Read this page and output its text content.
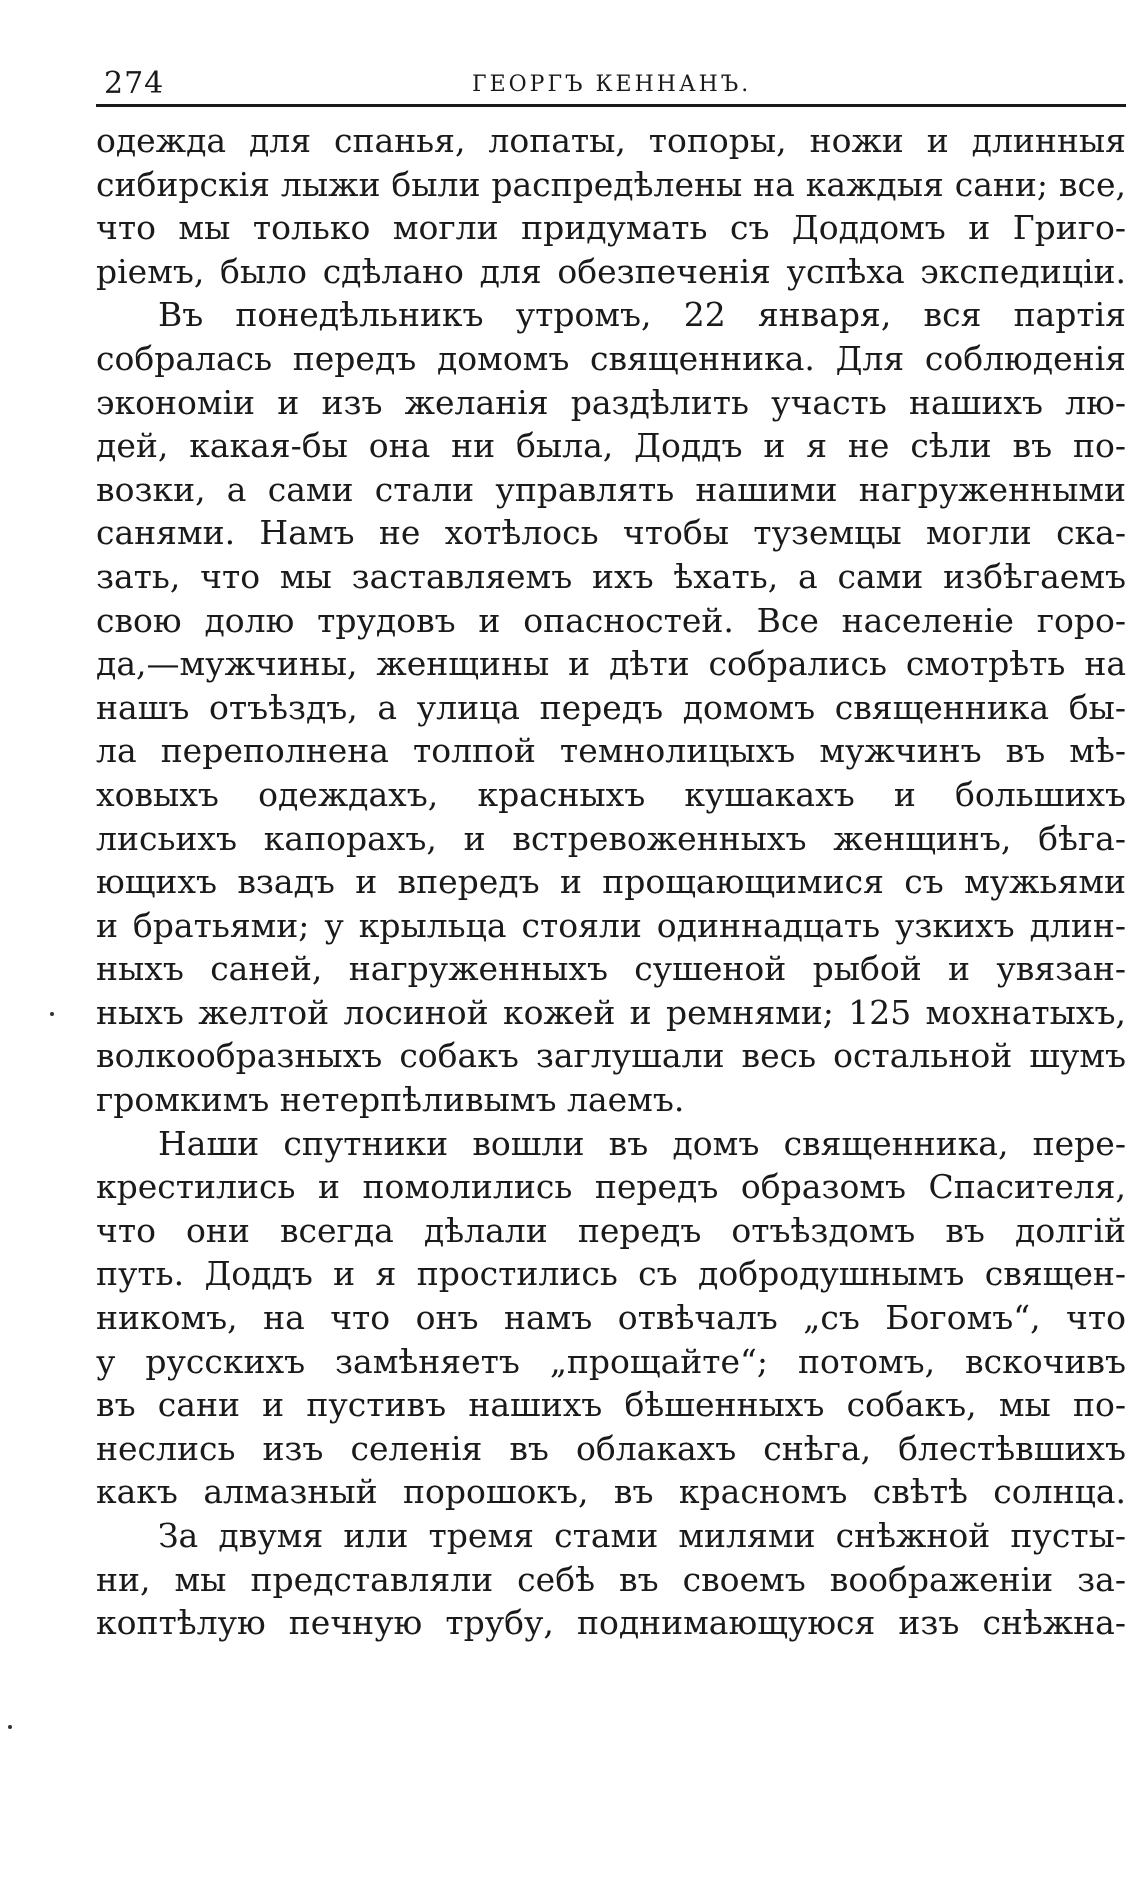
274	ГЕОРГЪ КЕННАНЪ.
одежда для спанья, лопаты, топоры, ножи и длинныя
сибирскія лыжи были распредѣлены на каждыя сани; все,
что мы только могли придумать съ Доддомъ и Григо-
ріемъ, было сдѣлано для обезпеченія успѣха экспедиціи.
Въ понедѣльникъ утромъ, 22 января, вся партія
собралась передъ домомъ священника. Для соблюденія
экономіи и изъ желанія раздѣлить участь нашихъ лю-
дей, какая-бы она ни была, Доддъ и я не сѣли въ по-
возки, а сами стали управлять нашими нагруженными
санями. Намъ не хотѣлось чтобы туземцы могли ска-
зать, что мы заставляемъ ихъ ѣхать, а сами избѣгаемъ
свою долю трудовъ и опасностей. Все населеніе горо-
да,—мужчины, женщины и дѣти собрались смотрѣть на
нашъ отъѣздъ, а улица передъ домомъ священника бы-
ла переполнена толпой темнолицыхъ мужчинъ въ мѣ-
ховыхъ одеждахъ, красныхъ кушакахъ и большихъ
лисьихъ капорахъ, и встревоженныхъ женщинъ, бѣга-
ющихъ взадъ и впередъ и прощающимися съ мужьями
и братьями; у крыльца стояли одиннадцать узкихъ длин-
ныхъ саней, нагруженныхъ сушеной рыбой и увязан-
ныхъ желтой лосиной кожей и ремнями; 125 мохнатыхъ,
волкообразныхъ собакъ заглушали весь остальной шумъ
громкимъ нетерпѣливымъ лаемъ.
Наши спутники вошли въ домъ священника, пере-
крестились и помолились передъ образомъ Спасителя,
что они всегда дѣлали передъ отъѣздомъ въ долгій
путь. Доддъ и я простились съ добродушнымъ священ-
никомъ, на что онъ намъ отвѣчалъ „съ Богомъ“, что
у русскихъ замѣняетъ „прощайте“; потомъ, вскочивъ
въ сани и пустивъ нашихъ бѣшенныхъ собакъ, мы по-
неслись изъ селенія въ облакахъ снѣга, блестѣвшихъ
какъ алмазный порошокъ, въ красномъ свѣтѣ солнца.
За двумя или тремя стами милями снѣжной пусты-
ни, мы представляли себѣ въ своемъ воображеніи за-
коптѣлую печную трубу, поднимающуюся изъ снѣжна-
